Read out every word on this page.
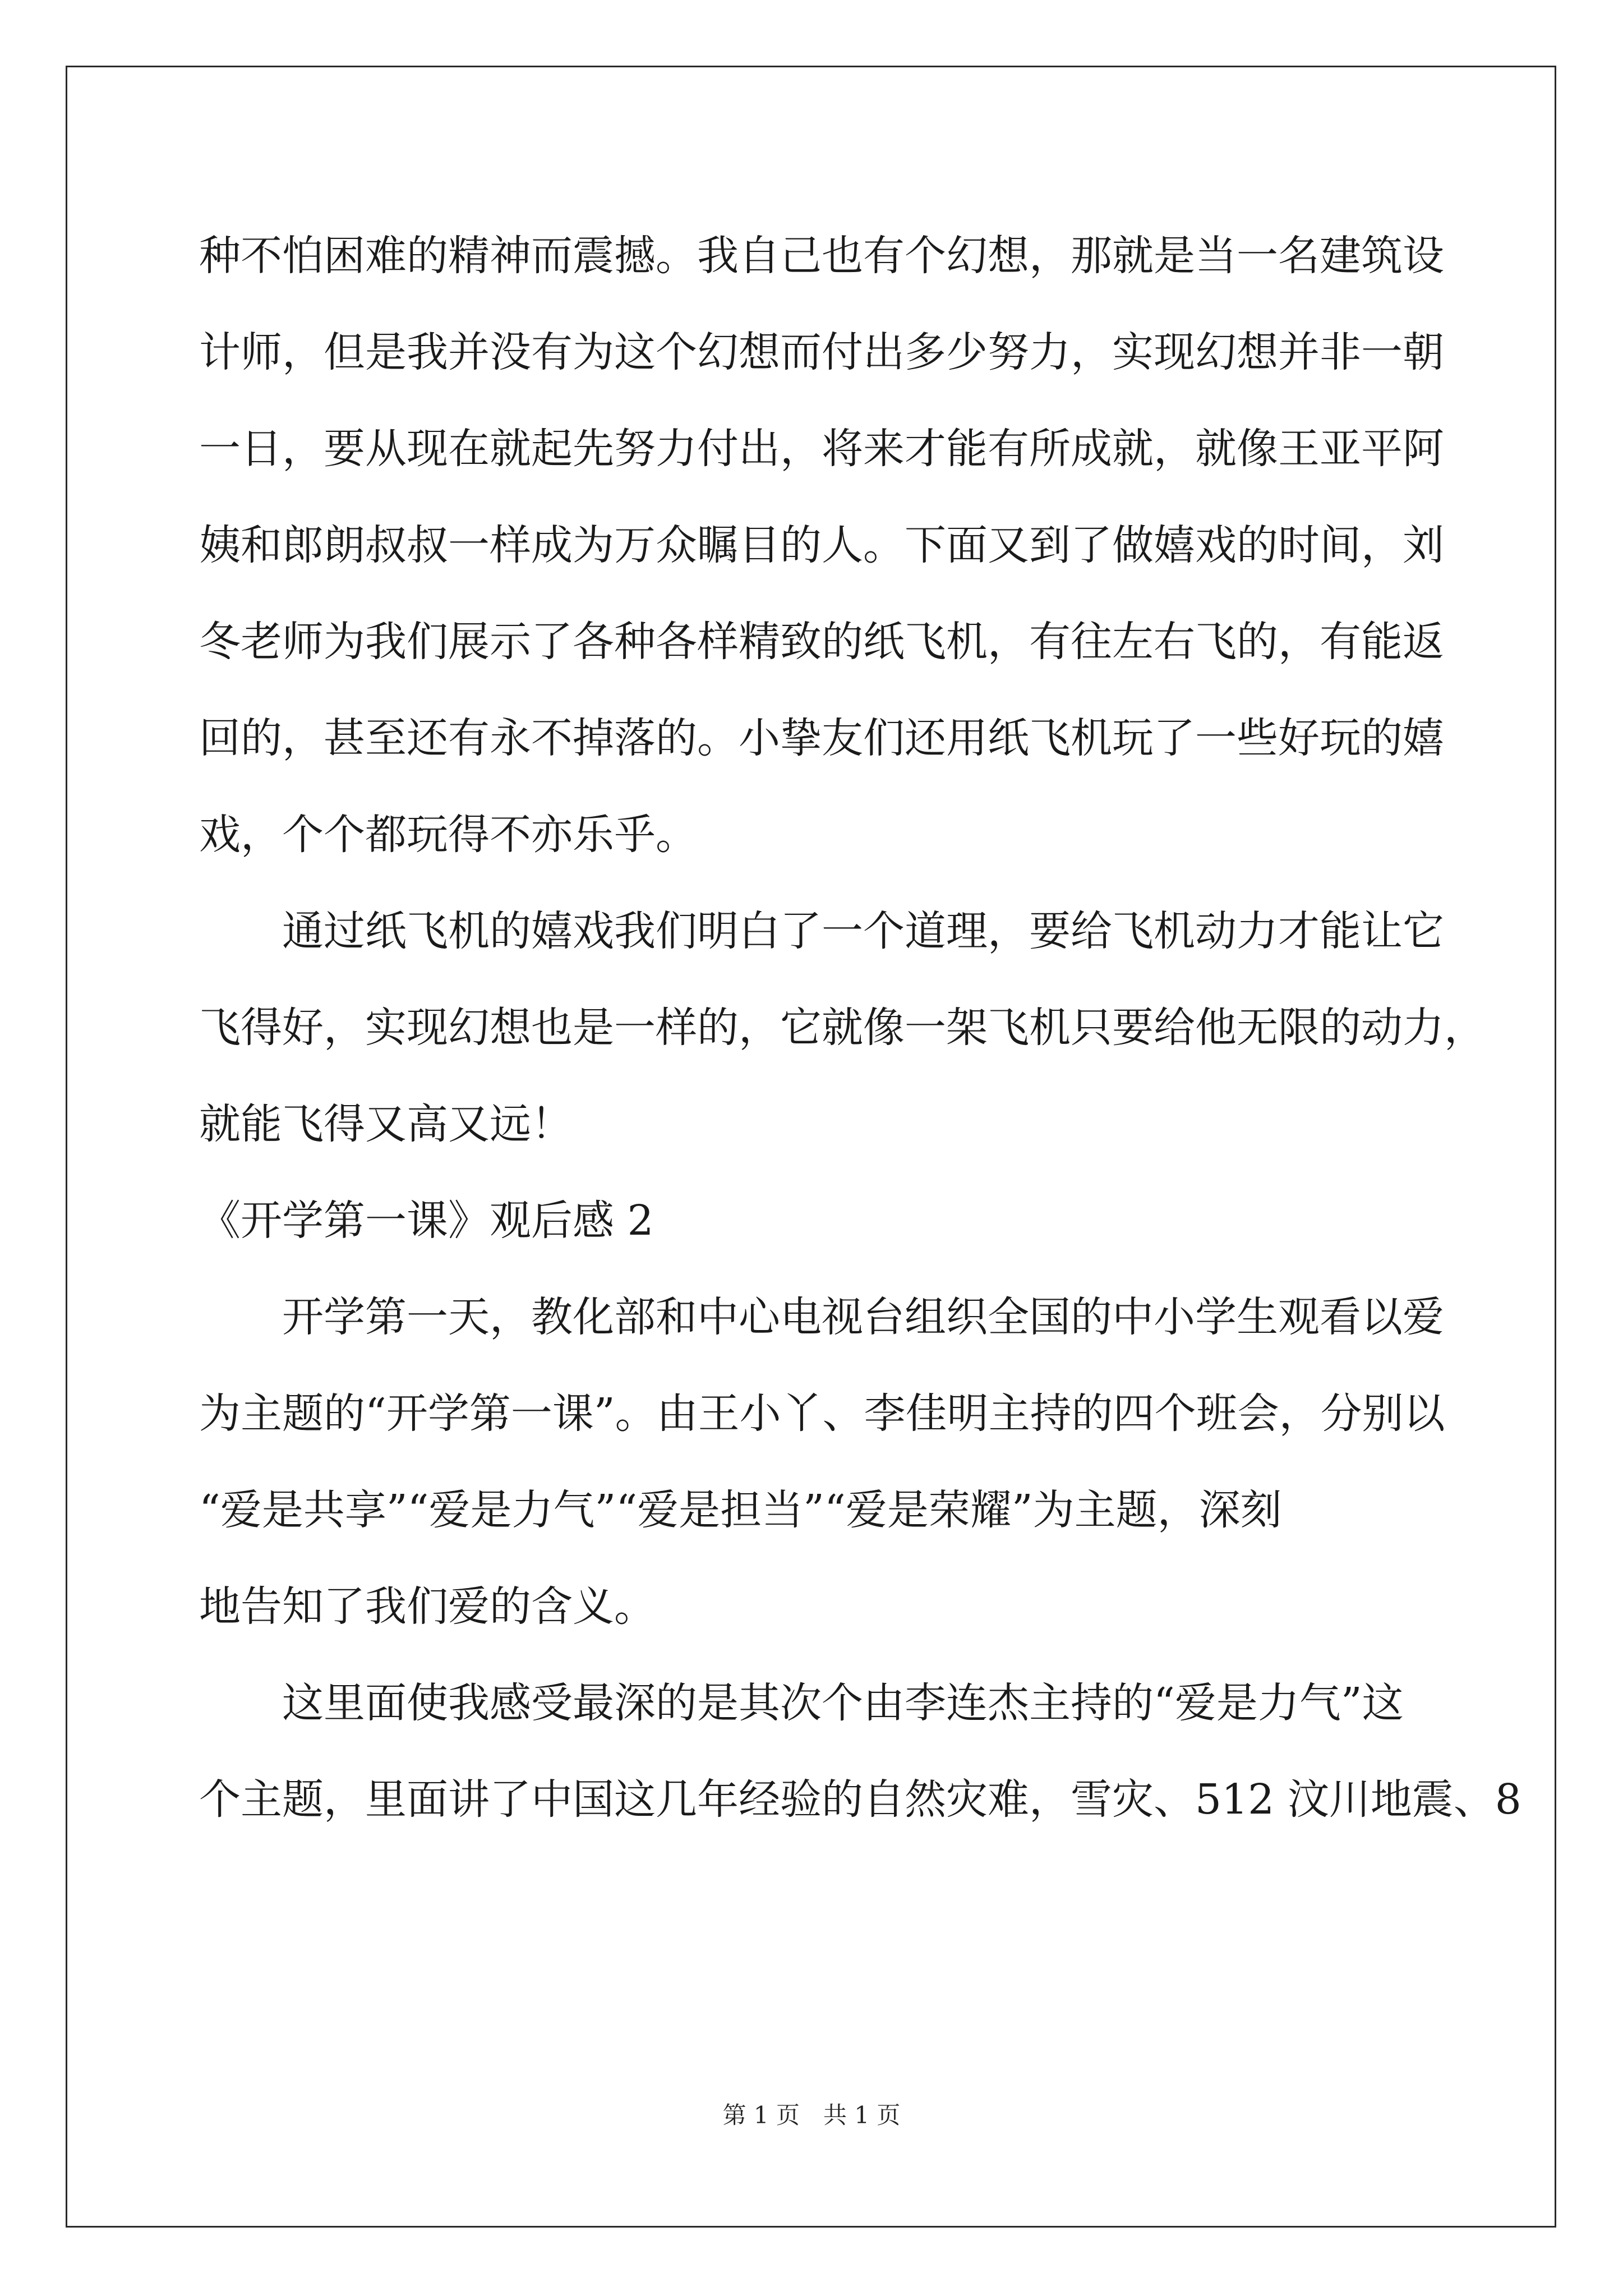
种不怕困难的精神而震撼。我自己也有个幻想，那就是当一名建筑设
计师，但是我并没有为这个幻想而付出多少努力，实现幻想并非一朝
一日，要从现在就起先努力付出，将来才能有所成就，就像王亚平阿
姨和郎朗叔叔一样成为万众瞩目的人。下面又到了做嬉戏的时间，刘
冬老师为我们展示了各种各样精致的纸飞机，有往左右飞的，有能返
回的，甚至还有永不掉落的。小挚友们还用纸飞机玩了一些好玩的嬉
戏，个个都玩得不亦乐乎。
通过纸飞机的嬉戏我们明白了一个道理，要给飞机动力才能让它
飞得好，实现幻想也是一样的，它就像一架飞机只要给他无限的动力，
就能飞得又高又远！
《开学第一课》观后感 2
开学第一天，教化部和中心电视台组织全国的中小学生观看以爱
为主题的“开学第一课”。由王小丫、李佳明主持的四个班会，分别以
“爱是共享”“爱是力气”“爱是担当”“爱是荣耀”为主题，深刻
地告知了我们爱的含义。
这里面使我感受最深的是其次个由李连杰主持的“爱是力气”这
个主题，里面讲了中国这几年经验的自然灾难，雪灾、512 汶川地震、8
第 1 页　共 1 页
